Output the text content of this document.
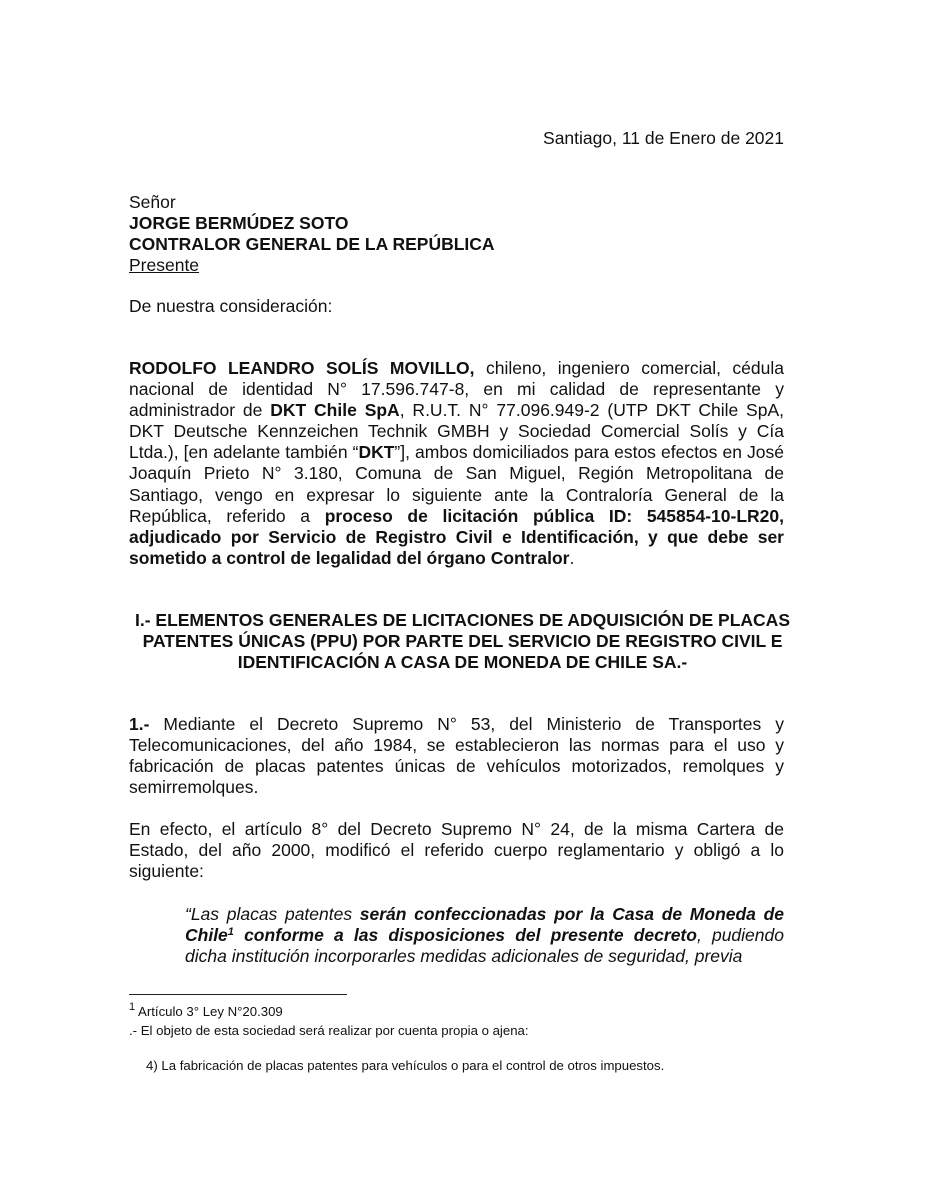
Santiago, 11 de Enero de 2021
Señor
JORGE BERMÚDEZ SOTO
CONTRALOR GENERAL DE LA REPÚBLICA
Presente
De nuestra consideración:
RODOLFO LEANDRO SOLÍS MOVILLO, chileno, ingeniero comercial, cédula nacional de identidad N° 17.596.747-8, en mi calidad de representante y administrador de DKT Chile SpA, R.U.T. N° 77.096.949-2 (UTP DKT Chile SpA, DKT Deutsche Kennzeichen Technik GMBH y Sociedad Comercial Solís y Cía Ltda.), [en adelante también “DKT”], ambos domiciliados para estos efectos en José Joaquín Prieto N° 3.180, Comuna de San Miguel, Región Metropolitana de Santiago, vengo en expresar lo siguiente ante la Contraloría General de la República, referido a proceso de licitación pública ID: 545854-10-LR20, adjudicado por Servicio de Registro Civil e Identificación, y que debe ser sometido a control de legalidad del órgano Contralor.
I.- ELEMENTOS GENERALES DE LICITACIONES DE ADQUISICIÓN DE PLACAS PATENTES ÚNICAS (PPU) POR PARTE DEL SERVICIO DE REGISTRO CIVIL E IDENTIFICACIÓN A CASA DE MONEDA DE CHILE SA.-
1.- Mediante el Decreto Supremo N° 53, del Ministerio de Transportes y Telecomunicaciones, del año 1984, se establecieron las normas para el uso y fabricación de placas patentes únicas de vehículos motorizados, remolques y semirremolques.
En efecto, el artículo 8° del Decreto Supremo N° 24, de la misma Cartera de Estado, del año 2000, modificó el referido cuerpo reglamentario y obligó a lo siguiente:
“Las placas patentes serán confeccionadas por la Casa de Moneda de Chile$^1$ conforme a las disposiciones del presente decreto, pudiendo dicha institución incorporarles medidas adicionales de seguridad, previa
$^1$ Artículo 3° Ley N°20.309
.- El objeto de esta sociedad será realizar por cuenta propia o ajena:
4) La fabricación de placas patentes para vehículos o para el control de otros impuestos.
